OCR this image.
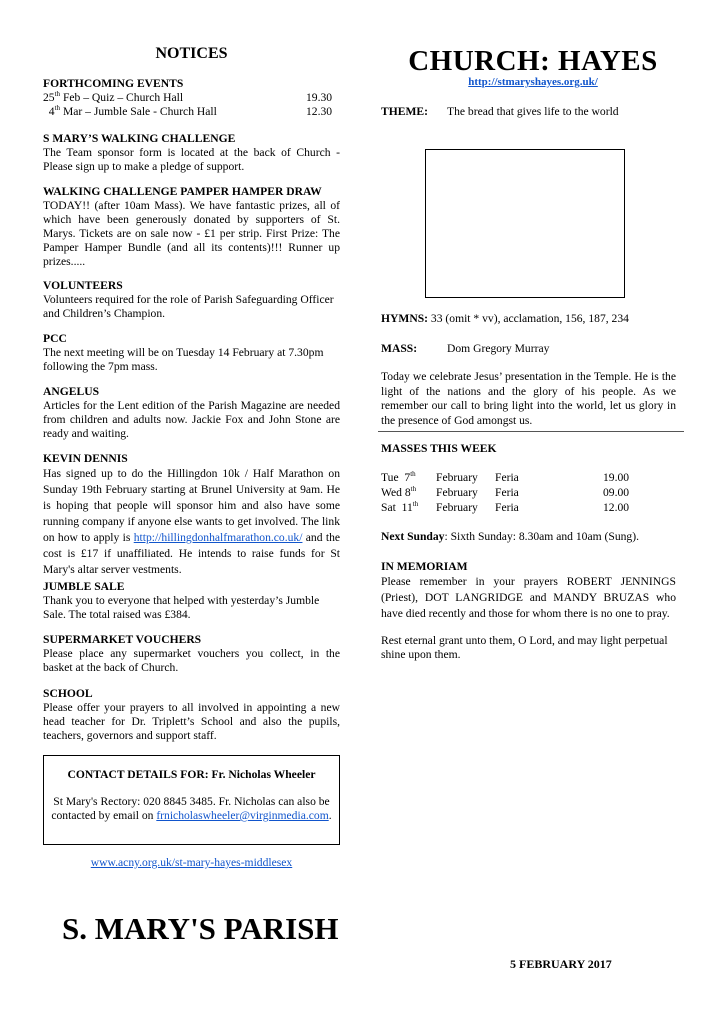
NOTICES
FORTHCOMING EVENTS
25th Feb – Quiz – Church Hall	19.30
4th Mar – Jumble Sale - Church Hall	12.30
S MARY’S WALKING CHALLENGE

The Team sponsor form is located at the back of Church - Please sign up to make a pledge of support.

WALKING CHALLENGE PAMPER HAMPER DRAW

TODAY!! (after 10am Mass). We have fantastic prizes, all of which have been generously donated by supporters of St. Marys. Tickets are on sale now - £1 per strip. First Prize: The Pamper Hamper Bundle (and all its contents)!!! Runner up prizes.....

VOLUNTEERS

Volunteers required for the role of Parish Safeguarding Officer and Children’s Champion.

PCC

The next meeting will be on Tuesday 14 February at 7.30pm following the 7pm mass.

ANGELUS

Articles for the Lent edition of the Parish Magazine are needed from children and adults now. Jackie Fox and John Stone are ready and waiting.

KEVIN DENNIS

Has signed up to do the Hillingdon 10k / Half Marathon on Sunday 19th February starting at Brunel University at 9am. He is hoping that people will sponsor him and also have some running company if anyone else wants to get involved. The link on how to apply is http://hillingdonhalfmarathon.co.uk/ and the cost is £17 if unaffiliated. He intends to raise funds for St Mary's altar server vestments.

JUMBLE SALE

Thank you to everyone that helped with yesterday’s Jumble Sale. The total raised was £384.

SUPERMARKET VOUCHERS

Please place any supermarket vouchers you collect, in the basket at the back of Church.

SCHOOL

Please offer your prayers to all involved in appointing a new head teacher for Dr. Triplett’s School and also the pupils, teachers, governors and support staff.

CONTACT DETAILS FOR: Fr. Nicholas Wheeler
St Mary's Rectory: 020 8845 3485. Fr. Nicholas can also be contacted by email on frnicholaswheeler@virginmedia.com.
www.acny.org.uk/st-mary-hayes-middlesex
S. MARY'S PARISH
CHURCH: HAYES
http://stmaryshayes.org.uk/
THEME:	The bread that gives life to the world
HYMNS: 33 (omit * vv), acclamation, 156, 187, 234
MASS:	Dom Gregory Murray

Today we celebrate Jesus’ presentation in the Temple. He is the light of the nations and the glory of his people. As we remember our call to bring light into the world, let us glory in the presence of God amongst us.

MASSES THIS WEEK
Tue 7th	February	Feria	19.00
Wed 8th	February	Feria	09.00
Sat 11th	February	Feria	12.00
Next Sunday: Sixth Sunday: 8.30am and 10am (Sung).
IN MEMORIAM

Please remember in your prayers ROBERT JENNINGS (Priest), DOT LANGRIDGE and MANDY BRUZAS who have died recently and those for whom there is no one to pray.

Rest eternal grant unto them, O Lord, and may light perpetual shine upon them.

5 FEBRUARY 2017
